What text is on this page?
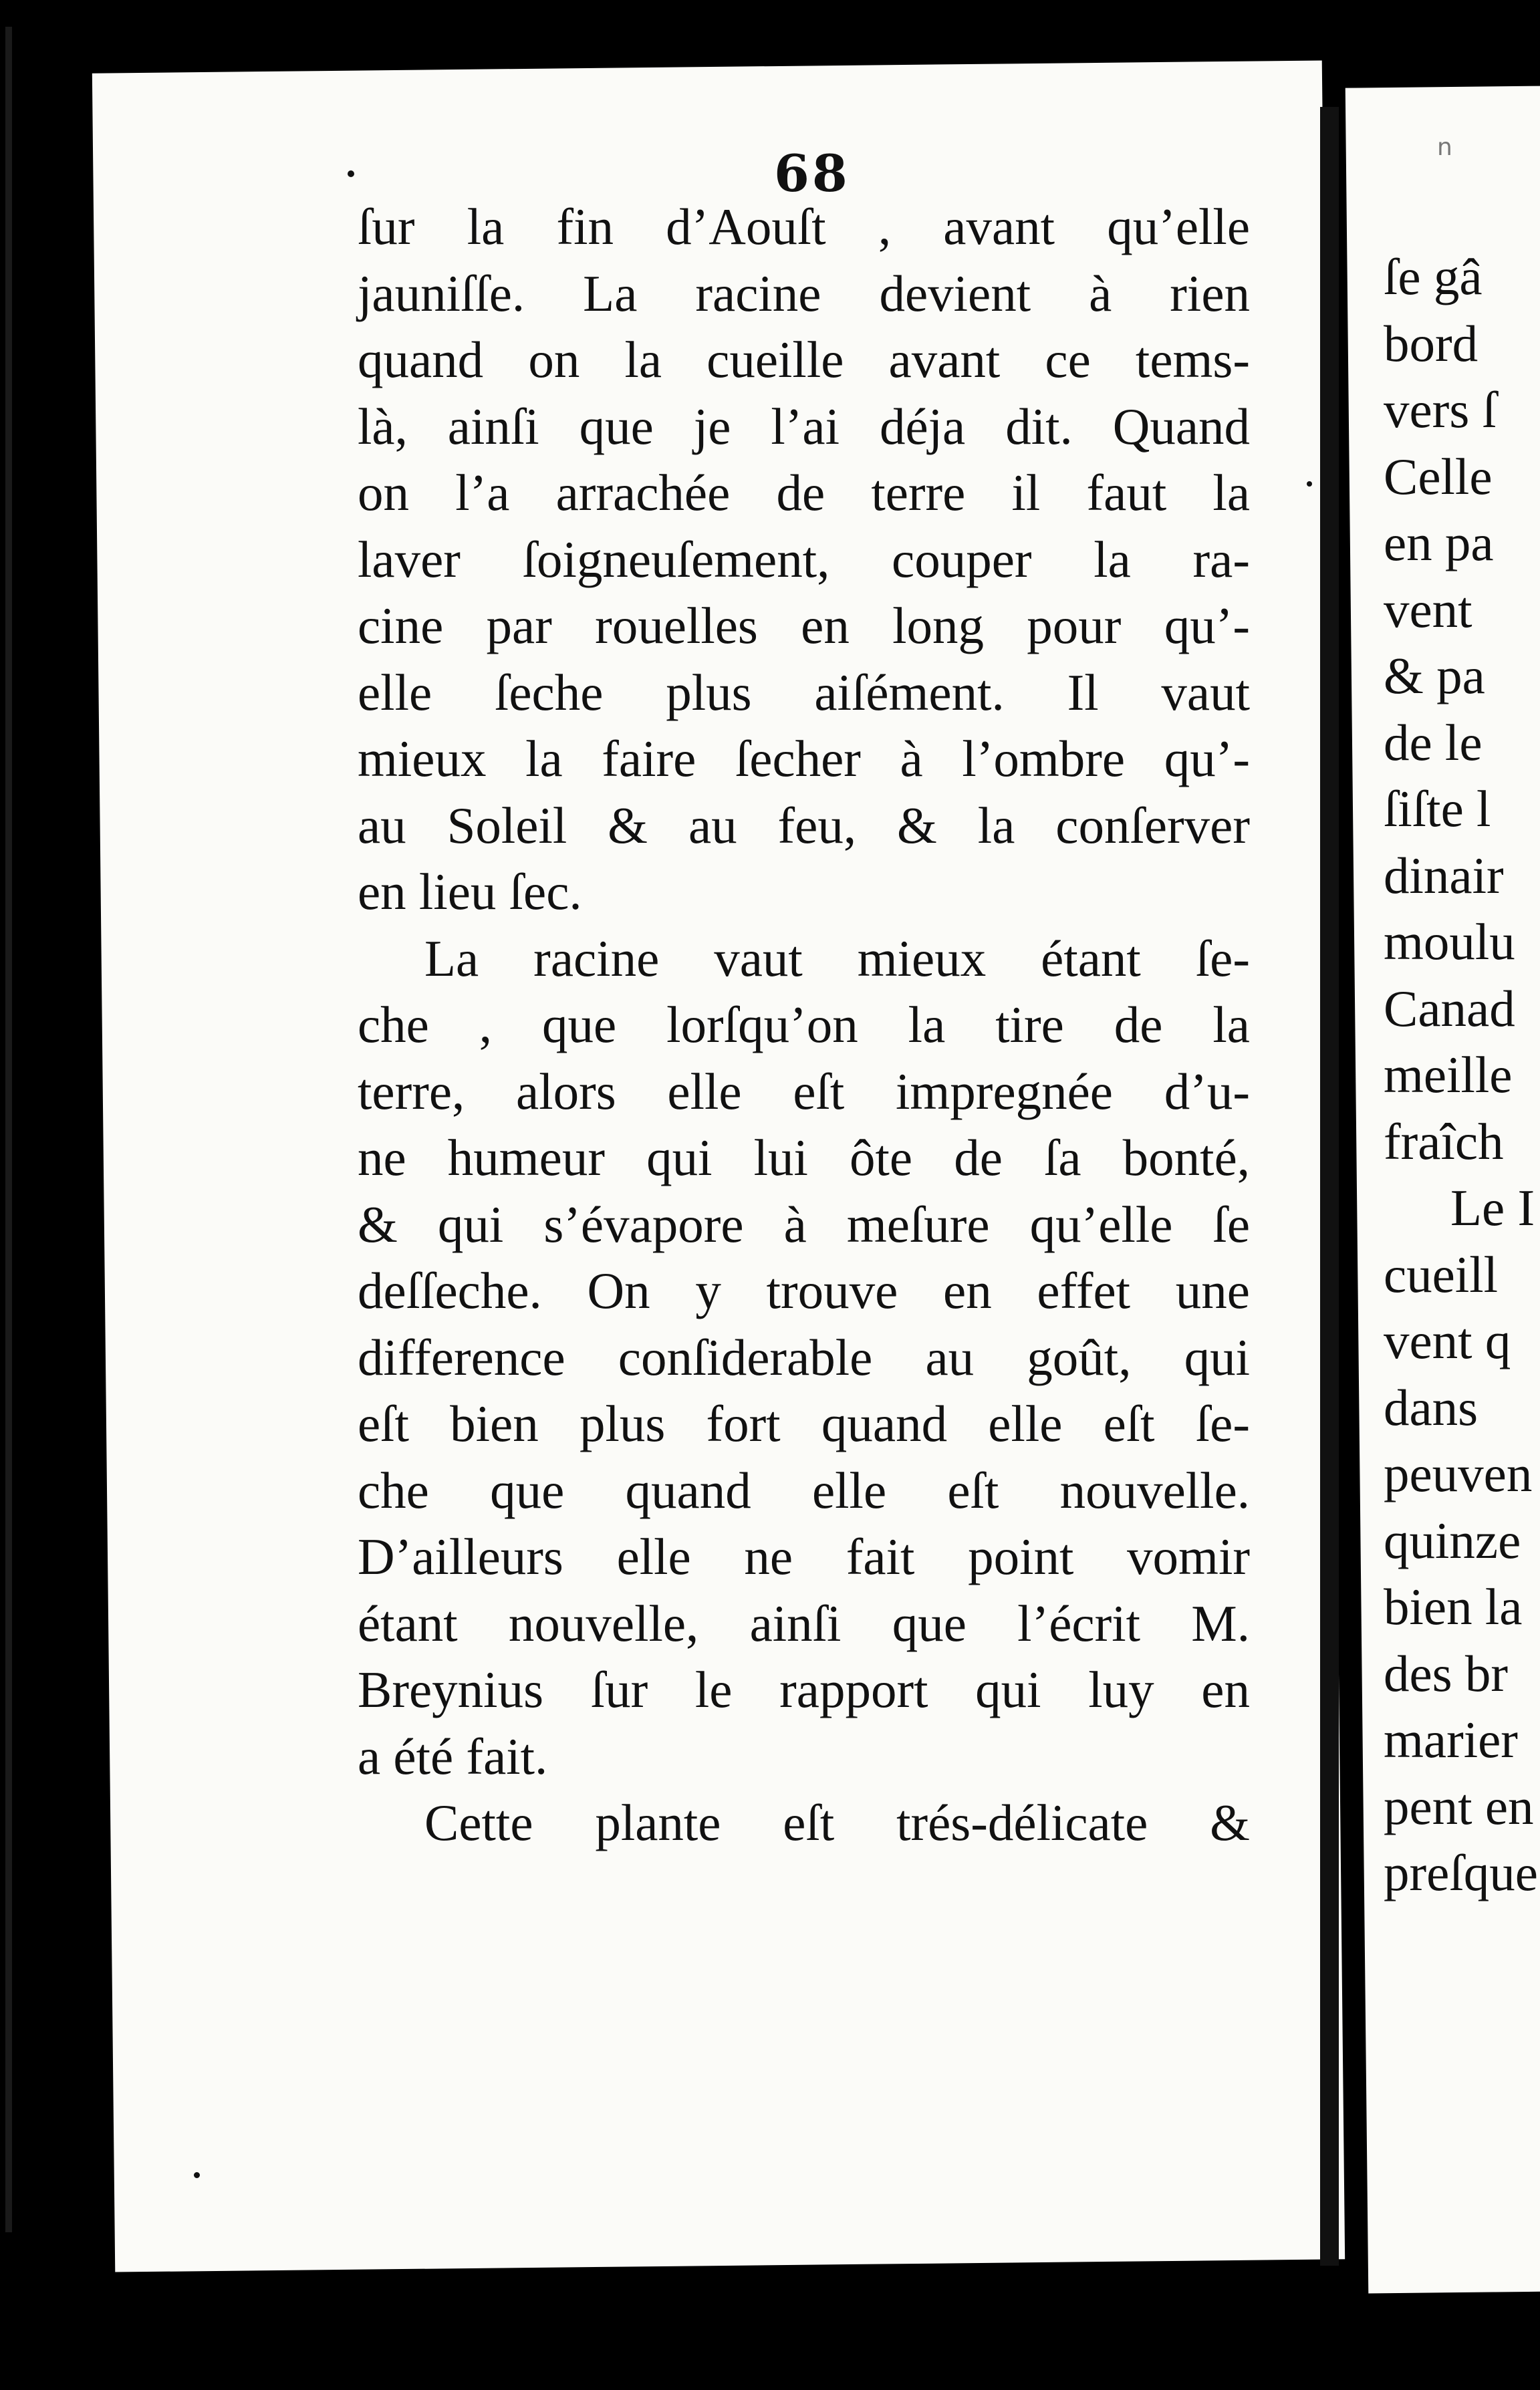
68
ſur la fin d’Aouſt , avant qu’elle
jauniſſe. La racine devient à rien
quand on la cueille avant ce tems-
là, ainſi que je l’ai déja dit. Quand
on l’a arrachée de terre il faut la
laver ſoigneuſement, couper la ra-
cine par rouelles en long pour qu’-
elle ſeche plus aiſément. Il vaut
mieux la faire ſecher à l’ombre qu’-
au Soleil & au feu, & la conſerver
en lieu ſec.
La racine vaut mieux étant ſe-
che , que lorſqu’on la tire de la
terre, alors elle eſt impregnée d’u-
ne humeur qui lui ôte de ſa bonté,
& qui s’évapore à meſure qu’elle ſe
deſſeche. On y trouve en effet une
difference conſiderable au goût, qui
eſt bien plus fort quand elle eſt ſe-
che que quand elle eſt nouvelle.
D’ailleurs elle ne fait point vomir
étant nouvelle, ainſi que l’écrit M.
Breynius ſur le rapport qui luy en
a été fait.
Cette plante eſt trés-délicate &
n
ſe gâ
bord
vers ſ
Celle
en pa
vent
& pa
de le
ſiſte l
dinair
moulu
Canad
meille
fraîch
Le I
cueill
vent q
dans
peuven
quinze
bien la
des br
marier
pent en
preſque
